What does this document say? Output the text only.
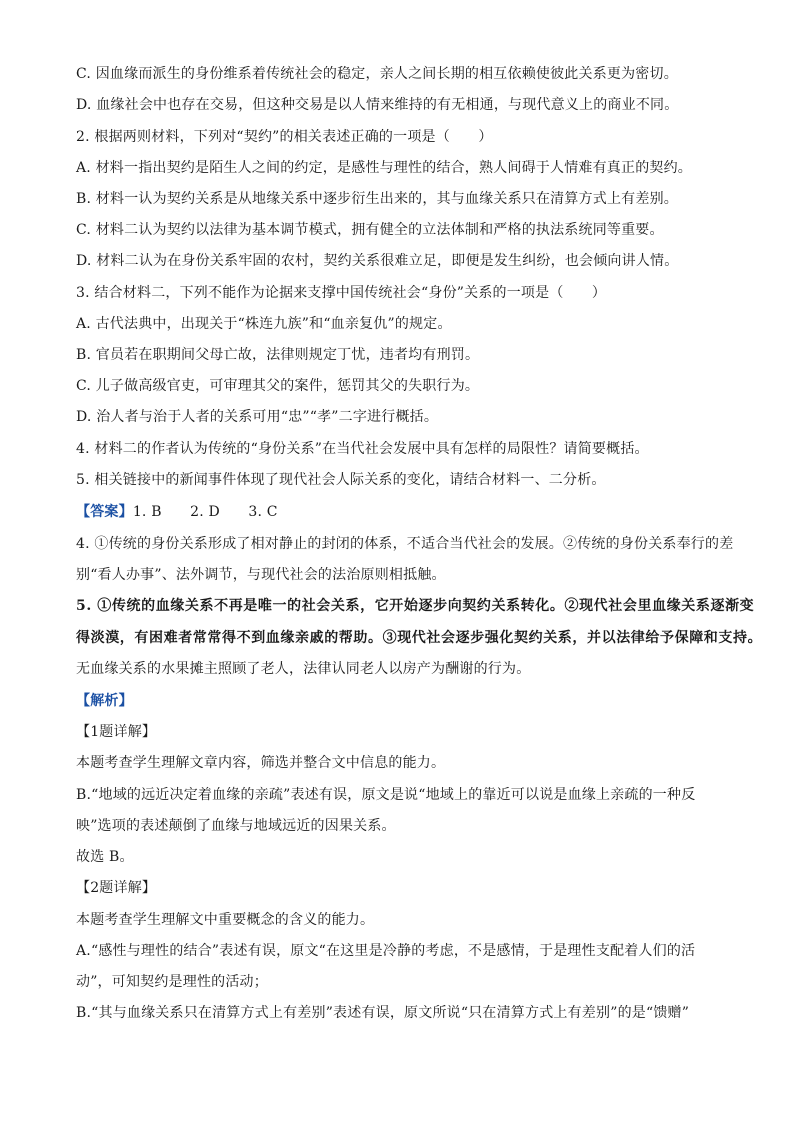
C. 因血缘而派生的身份维系着传统社会的稳定，亲人之间长期的相互依赖使彼此关系更为密切。
D. 血缘社会中也存在交易，但这种交易是以人情来维持的有无相通，与现代意义上的商业不同。
2. 根据两则材料，下列对“契约”的相关表述正确的一项是（　　）
A. 材料一指出契约是陌生人之间的约定，是感性与理性的结合，熟人间碍于人情难有真正的契约。
B. 材料一认为契约关系是从地缘关系中逐步衍生出来的，其与血缘关系只在清算方式上有差别。
C. 材料二认为契约以法律为基本调节模式，拥有健全的立法体制和严格的执法系统同等重要。
D. 材料二认为在身份关系牢固的农村，契约关系很难立足，即便是发生纠纷，也会倾向讲人情。
3. 结合材料二，下列不能作为论据来支撑中国传统社会“身份”关系的一项是（　　）
A. 古代法典中，出现关于“株连九族”和“血亲复仇”的规定。
B. 官员若在职期间父母亡故，法律则规定丁忧，违者均有刑罚。
C. 儿子做高级官吏，可审理其父的案件，惩罚其父的失职行为。
D. 治人者与治于人者的关系可用“忠”“孝”二字进行概括。
4. 材料二的作者认为传统的“身份关系”在当代社会发展中具有怎样的局限性？请简要概括。
5. 相关链接中的新闻事件体现了现代社会人际关系的变化，请结合材料一、二分析。
【答案】1. B　　2. D　　3. C
4. ①传统的身份关系形成了相对静止的封闭的体系，不适合当代社会的发展。②传统的身份关系奉行的差
别“看人办事”、法外调节，与现代社会的法治原则相抵触。
5. ①传统的血缘关系不再是唯一的社会关系，它开始逐步向契约关系转化。②现代社会里血缘关系逐渐变
得淡漠，有困难者常常得不到血缘亲戚的帮助。③现代社会逐步强化契约关系，并以法律给予保障和支持。
无血缘关系的水果摊主照顾了老人，法律认同老人以房产为酬谢的行为。
【解析】
【1题详解】
本题考查学生理解文章内容，筛选并整合文中信息的能力。
B.“地域的远近决定着血缘的亲疏”表述有误，原文是说“地域上的靠近可以说是血缘上亲疏的一种反
映”选项的表述颠倒了血缘与地域远近的因果关系。
故选 B。
【2题详解】
本题考查学生理解文中重要概念的含义的能力。
A.“感性与理性的结合”表述有误，原文“在这里是冷静的考虑，不是感情，于是理性支配着人们的活
动”，可知契约是理性的活动；
B.“其与血缘关系只在清算方式上有差别”表述有误，原文所说“只在清算方式上有差别”的是“馈赠”
